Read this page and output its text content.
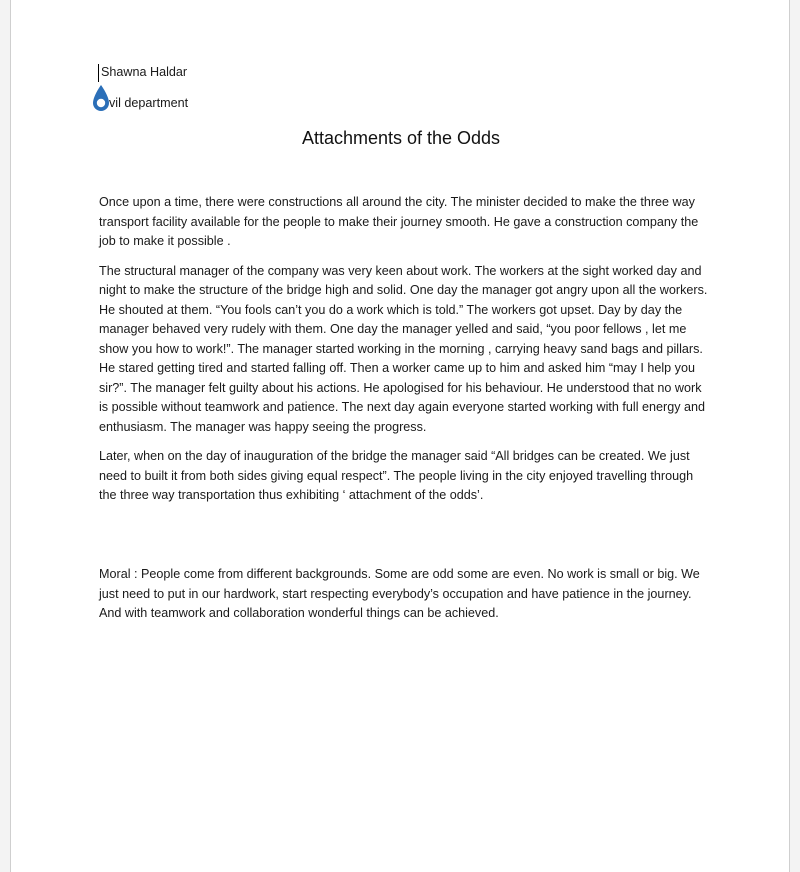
Shawna Haldar
vil department
Attachments of the Odds

Once upon a time, there were constructions all around the city. The minister decided to make the three way transport facility available for the people to make their journey smooth. He gave a construction company the job to make it possible .

The structural manager of the company was very keen about work. The workers at the sight worked day and night to make the structure of the bridge high and solid. One day the manager got angry upon all the workers. He shouted at them. “You fools can’t you do a work which is told.” The workers got upset. Day by day the manager behaved very rudely with them. One day the manager yelled and said, “you poor fellows , let me show you how to work!”. The manager started working in the morning , carrying heavy sand bags and pillars. He stared getting tired and started falling off. Then a worker came up to him and asked him “may I help you sir?”. The manager felt guilty about his actions. He apologised for his behaviour. He understood that no work is possible without teamwork and patience. The next day again everyone started working with full energy and enthusiasm. The manager was happy seeing the progress.

Later, when on the day of inauguration of the bridge the manager said “All bridges can be created. We just need to built it from both sides giving equal respect”. The people living in the city enjoyed travelling through the three way transportation thus exhibiting ‘ attachment of the odds’.

Moral : People come from different backgrounds. Some are odd some are even. No work is small or big. We just need to put in our hardwork, start respecting everybody’s occupation and have patience in the journey. And with teamwork and collaboration wonderful things can be achieved.
